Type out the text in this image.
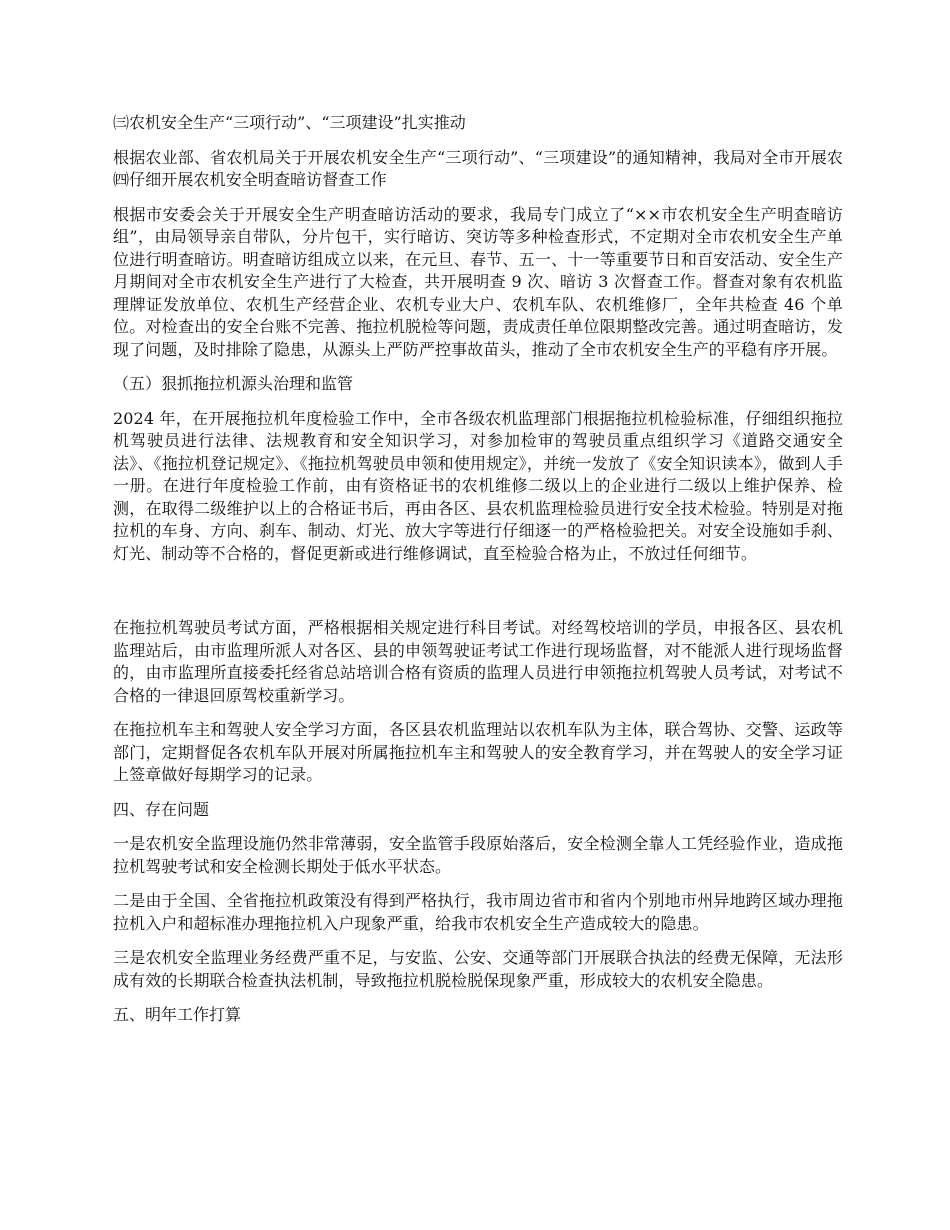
㈢农机安全生产“三项行动”、“三项建设”扎实推动

根据农业部、省农机局关于开展农机安全生产“三项行动”、“三项建设”的通知精神，我局对全市开展农 ㈣仔细开展农机安全明查暗访督查工作

根据市安委会关于开展安全生产明查暗访活动的要求，我局专门成立了“××市农机安全生产明查暗访组”，由局领导亲自带队，分片包干，实行暗访、突访等多种检查形式，不定期对全市农机安全生产单位进行明查暗访。明查暗访组成立以来，在元旦、春节、五一、十一等重要节日和百安活动、安全生产月期间对全市农机安全生产进行了大检查，共开展明查 9 次、暗访 3 次督查工作。督查对象有农机监理牌证发放单位、农机生产经营企业、农机专业大户、农机车队、农机维修厂，全年共检查 46 个单位。对检查出的安全台账不完善、拖拉机脱检等问题，责成责任单位限期整改完善。通过明查暗访，发现了问题，及时排除了隐患，从源头上严防严控事故苗头，推动了全市农机安全生产的平稳有序开展。

（五）狠抓拖拉机源头治理和监管

2024 年，在开展拖拉机年度检验工作中，全市各级农机监理部门根据拖拉机检验标准，仔细组织拖拉机驾驶员进行法律、法规教育和安全知识学习，对参加检审的驾驶员重点组织学习《道路交通安全法》、《拖拉机登记规定》、《拖拉机驾驶员申领和使用规定》，并统一发放了《安全知识读本》，做到人手一册。在进行年度检验工作前，由有资格证书的农机维修二级以上的企业进行二级以上维护保养、检测，在取得二级维护以上的合格证书后，再由各区、县农机监理检验员进行安全技术检验。特别是对拖拉机的车身、方向、刹车、制动、灯光、放大字等进行仔细逐一的严格检验把关。对安全设施如手刹、灯光、制动等不合格的，督促更新或进行维修调试，直至检验合格为止，不放过任何细节。

在拖拉机驾驶员考试方面，严格根据相关规定进行科目考试。对经驾校培训的学员，申报各区、县农机监理站后，由市监理所派人对各区、县的申领驾驶证考试工作进行现场监督，对不能派人进行现场监督的，由市监理所直接委托经省总站培训合格有资质的监理人员进行申领拖拉机驾驶人员考试，对考试不合格的一律退回原驾校重新学习。

在拖拉机车主和驾驶人安全学习方面，各区县农机监理站以农机车队为主体，联合驾协、交警、运政等部门，定期督促各农机车队开展对所属拖拉机车主和驾驶人的安全教育学习，并在驾驶人的安全学习证上签章做好每期学习的记录。

四、存在问题

一是农机安全监理设施仍然非常薄弱，安全监管手段原始落后，安全检测全靠人工凭经验作业，造成拖拉机驾驶考试和安全检测长期处于低水平状态。

二是由于全国、全省拖拉机政策没有得到严格执行，我市周边省市和省内个别地市州异地跨区域办理拖拉机入户和超标准办理拖拉机入户现象严重，给我市农机安全生产造成较大的隐患。

三是农机安全监理业务经费严重不足，与安监、公安、交通等部门开展联合执法的经费无保障，无法形成有效的长期联合检查执法机制，导致拖拉机脱检脱保现象严重，形成较大的农机安全隐患。

五、明年工作打算
